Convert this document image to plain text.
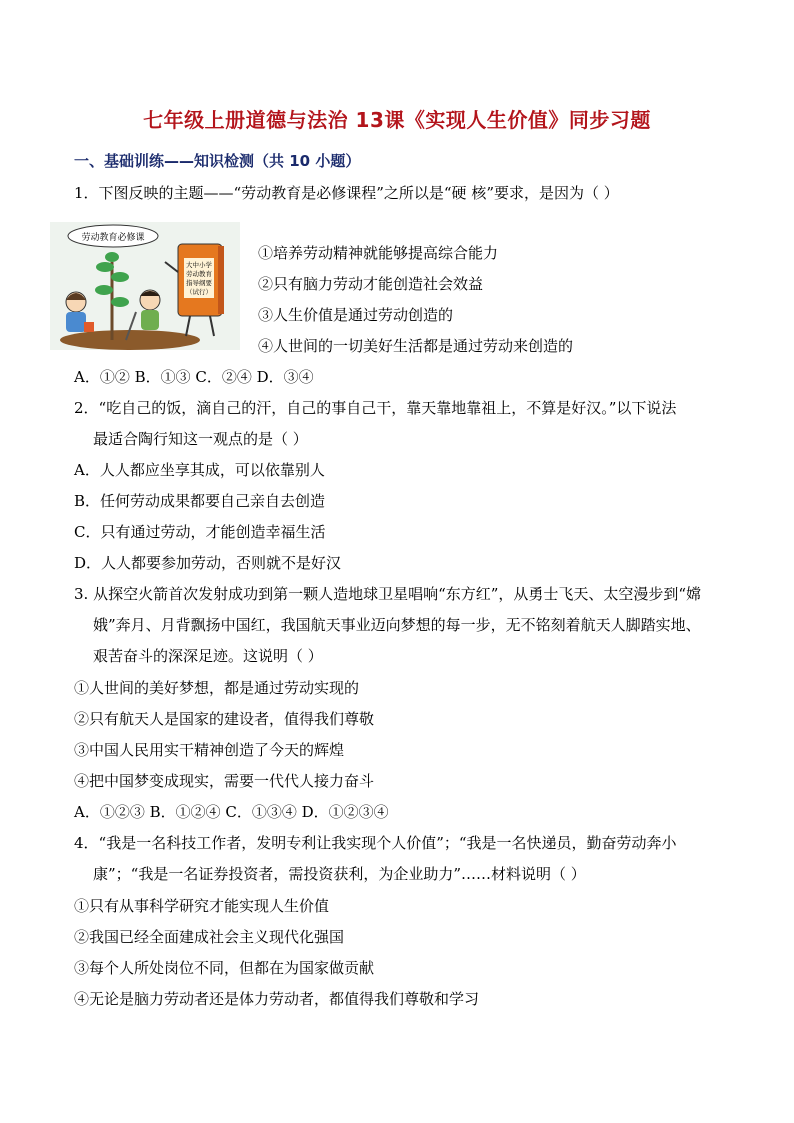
七年级上册道德与法治 13课《实现人生价值》同步习题
一、基础训练——知识检测（共 10 小题）
1．下图反映的主题——“劳动教育是必修课程”之所以是“硬 核”要求，是因为（ ）
劳动教育必修课
大中小学
劳动教育
指导纲要
（试行）
①培养劳动精神就能够提高综合能力
②只有脑力劳动才能创造社会效益
③人生价值是通过劳动创造的
④人世间的一切美好生活都是通过劳动来创造的
A．①② B．①③ C．②④ D．③④
2．“吃自己的饭，滴自己的汗，自己的事自己干，靠天靠地靠祖上，不算是好汉。”以下说法
最适合陶行知这一观点的是（ ）
A．人人都应坐享其成，可以依靠别人
B．任何劳动成果都要自己亲自去创造
C．只有通过劳动，才能创造幸福生活
D．人人都要参加劳动，否则就不是好汉
3. 从探空火箭首次发射成功到第一颗人造地球卫星唱响“东方红”，从勇士飞天、太空漫步到“嫦
娥”奔月、月背飘扬中国红，我国航天事业迈向梦想的每一步，无不铭刻着航天人脚踏实地、
艰苦奋斗的深深足迹。这说明（ ）
①人世间的美好梦想，都是通过劳动实现的
②只有航天人是国家的建设者，值得我们尊敬
③中国人民用实干精神创造了今天的辉煌
④把中国梦变成现实，需要一代代人接力奋斗
A．①②③ B．①②④ C．①③④ D．①②③④
4．“我是一名科技工作者，发明专利让我实现个人价值”；“我是一名快递员，勤奋劳动奔小
康”；“我是一名证券投资者，需投资获利，为企业助力”……材料说明（ ）
①只有从事科学研究才能实现人生价值
②我国已经全面建成社会主义现代化强国
③每个人所处岗位不同，但都在为国家做贡献
④无论是脑力劳动者还是体力劳动者，都值得我们尊敬和学习
